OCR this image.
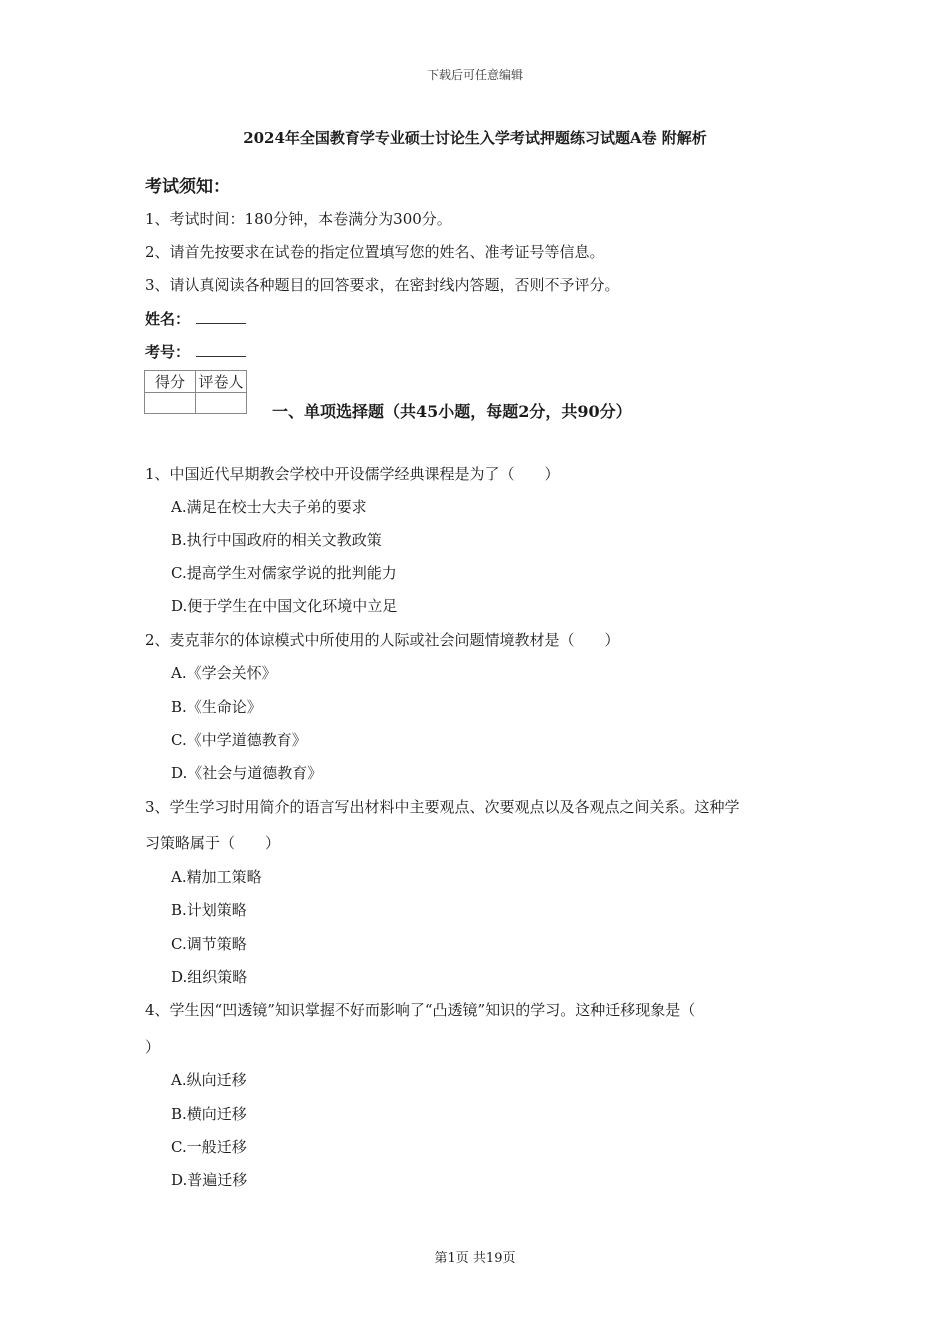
下载后可任意编辑
2024年全国教育学专业硕士讨论生入学考试押题练习试题A卷 附解析
考试须知：
1、考试时间：180分钟，本卷满分为300分。
2、请首先按要求在试卷的指定位置填写您的姓名、准考证号等信息。
3、请认真阅读各种题目的回答要求，在密封线内答题，否则不予评分。
姓名：
考号：
得分	评卷人

一、单项选择题（共45小题，每题2分，共90分）
1、中国近代早期教会学校中开设儒学经典课程是为了（　　）
A.满足在校士大夫子弟的要求
B.执行中国政府的相关文教政策
C.提高学生对儒家学说的批判能力
D.便于学生在中国文化环境中立足
2、麦克菲尔的体谅模式中所使用的人际或社会问题情境教材是（　　）
A.《学会关怀》
B.《生命论》
C.《中学道德教育》
D.《社会与道德教育》
3、学生学习时用简介的语言写出材料中主要观点、次要观点以及各观点之间关系。这种学
习策略属于（　　）
A.精加工策略
B.计划策略
C.调节策略
D.组织策略
4、学生因“凹透镜”知识掌握不好而影响了“凸透镜”知识的学习。这种迁移现象是（
）
A.纵向迁移
B.横向迁移
C.一般迁移
D.普遍迁移
第1页 共19页
